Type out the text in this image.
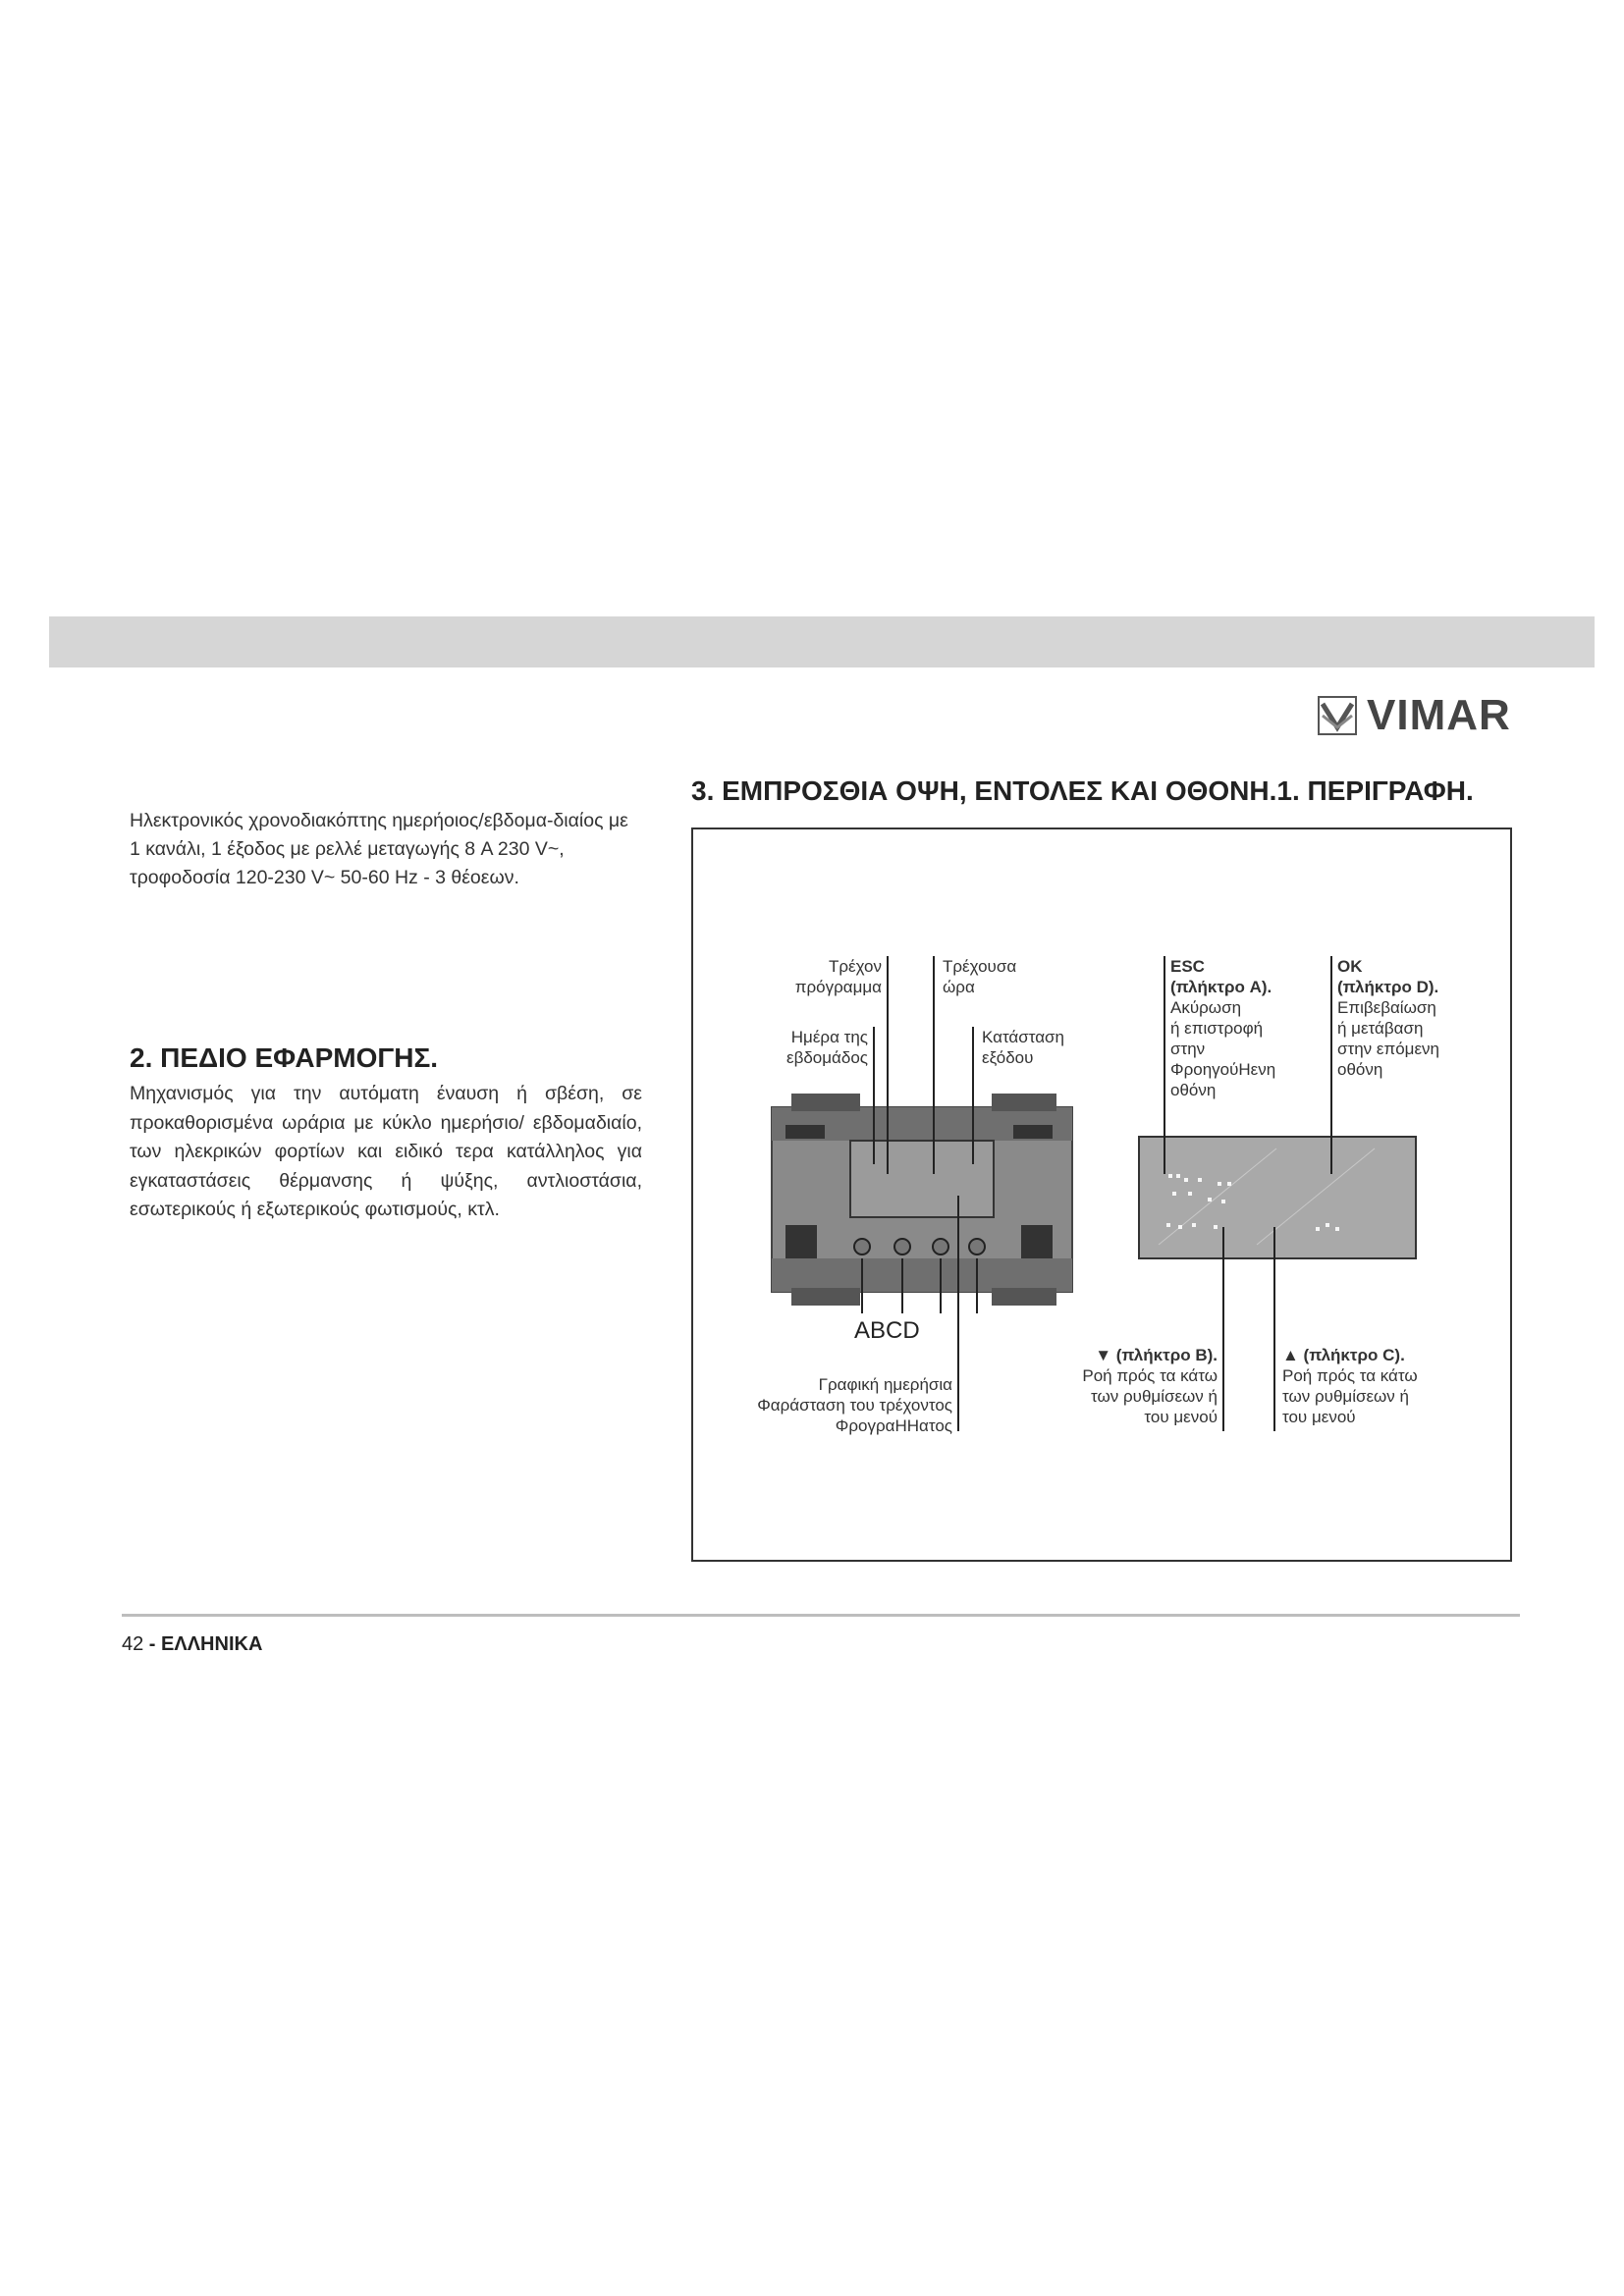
VIMAR
Ηλεκτρονικός χρονοδιακόπτης ημερήοιος/εβδομα-διαίος με 1 κανάλι, 1 έξοδος με ρελλέ μεταγωγής 8 A 230 V~, τροφοδοσία 120-230 V~ 50-60 Hz - 3 θέοεων.
2. ΠΕΔΙΟ ΕΦΑΡΜΟΓΗΣ.
Μηχανισμός για την αυτόματη έναυση ή σβέση, σε προκαθορισμένα ωράρια με κύκλο ημερήσιο/ εβδομαδιαίο, των ηλεκρικών φορτίων και ειδικό τερα κατάλληλος για εγκαταστάσεις θέρμανσης ή ψύξης, αντλιοστάσια, εσωτερικούς ή εξωτερικούς φωτισμούς, κτλ.
3. ΕΜΠΡΟΣΘΙΑ ΟΨΗ, ΕΝΤΟΛΕΣ ΚΑΙ ΟΘΟΝΗ.1. ΠΕΡΙΓΡΑΦΗ.
Τρέχον
πρόγραμμα
Τρέχουσα
ώρα
Ημέρα της
εβδομάδος
Κατάσταση
εξόδου
ESC
(πλήκτρο A).
Ακύρωση
ή επιστροφή
στην
ΦροηγούΗενη
οθόνη
OK
(πλήκτρο D).
Επιβεβαίωση
ή μετάβαση
στην επόμενη
οθόνη
ABCD
Γραφική ημερήσια
Φαράσταση του τρέχοντος
ΦρογραΗΗατος
▼ (πλήκτρο B).
Ροή πρός τα κάτω
των ρυθμίσεων ή
του μενού
▲ (πλήκτρο C).
Ροή πρός τα κάτω
των ρυθμίσεων ή
του μενού
42 - ΕΛΛΗΝΙΚΑ
